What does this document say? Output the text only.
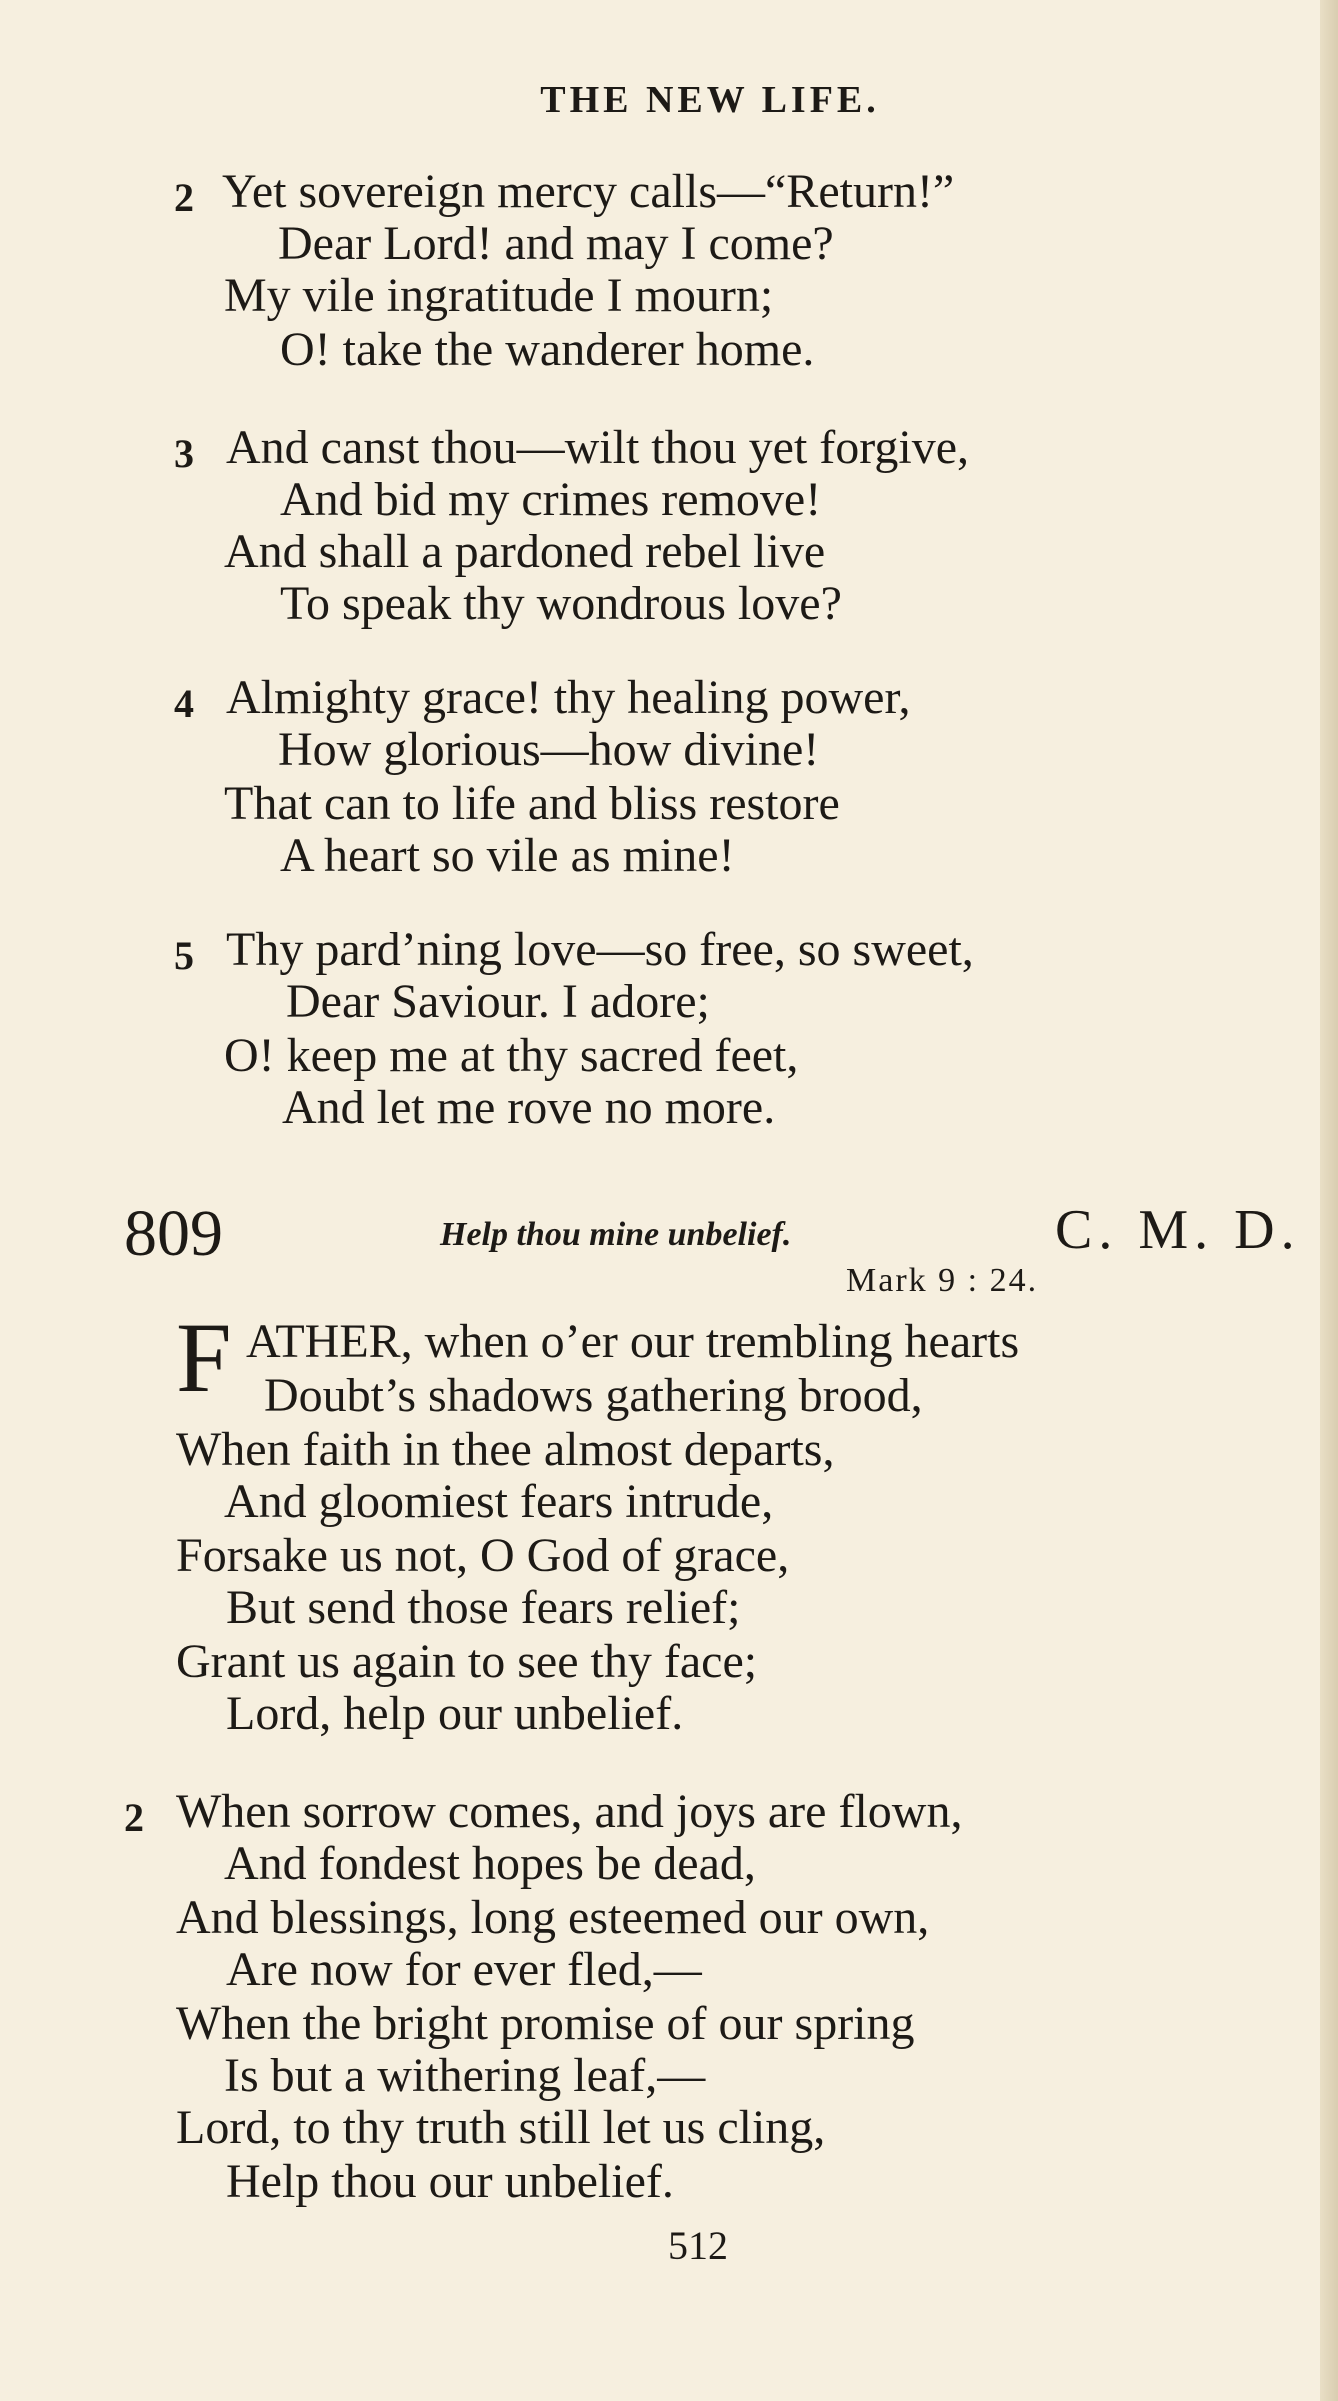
THE NEW LIFE.
2 Yet sovereign mercy calls—“Return!”
Dear Lord! and may I come?
My vile ingratitude I mourn;
O! take the wanderer home.
3 And canst thou—wilt thou yet forgive,
And bid my crimes remove!
And shall a pardoned rebel live
To speak thy wondrous love?
4 Almighty grace! thy healing power,
How glorious—how divine!
That can to life and bliss restore
A heart so vile as mine!
5 Thy pard’ning love—so free, so sweet,
Dear Saviour. I adore;
O! keep me at thy sacred feet,
And let me rove no more.
809	Help thou mine unbelief.	C. M. D.
Mark 9 : 24.
F ATHER, when o’er our trembling hearts
Doubt’s shadows gathering brood,
When faith in thee almost departs,
And gloomiest fears intrude,
Forsake us not, O God of grace,
But send those fears relief;
Grant us again to see thy face;
Lord, help our unbelief.
2 When sorrow comes, and joys are flown,
And fondest hopes be dead,
And blessings, long esteemed our own,
Are now for ever fled,—
When the bright promise of our spring
Is but a withering leaf,—
Lord, to thy truth still let us cling,
Help thou our unbelief.
512
